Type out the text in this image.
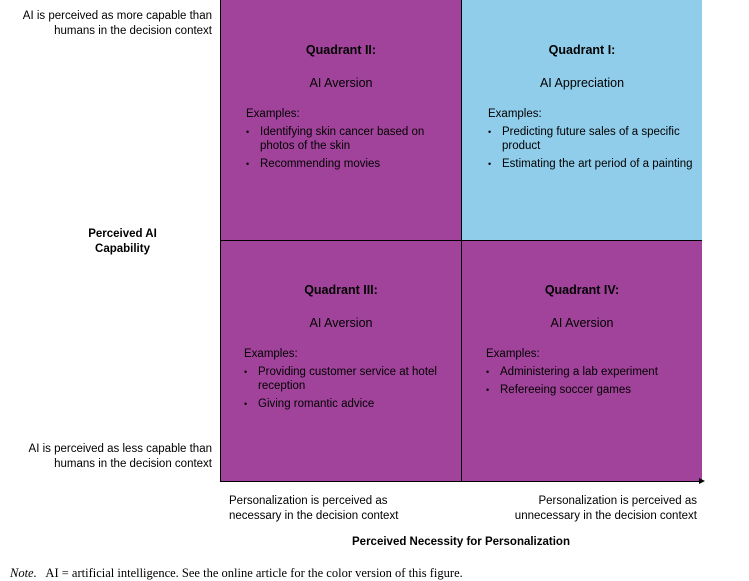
AI is perceived as more capable than humans in the decision context
Perceived AI Capability
AI is perceived as less capable than humans in the decision context
Quadrant II:
AI Aversion
Examples:
• Identifying skin cancer based on photos of the skin
• Recommending movies
Quadrant I:
AI Appreciation
Examples:
• Predicting future sales of a specific product
• Estimating the art period of a painting
Quadrant III:
AI Aversion
Examples:
• Providing customer service at hotel reception
• Giving romantic advice
Quadrant IV:
AI Aversion
Examples:
• Administering a lab experiment
• Refereeing soccer games
Personalization is perceived as necessary in the decision context
Personalization is perceived as unnecessary in the decision context
Perceived Necessity for Personalization
Note. AI = artificial intelligence. See the online article for the color version of this figure.
